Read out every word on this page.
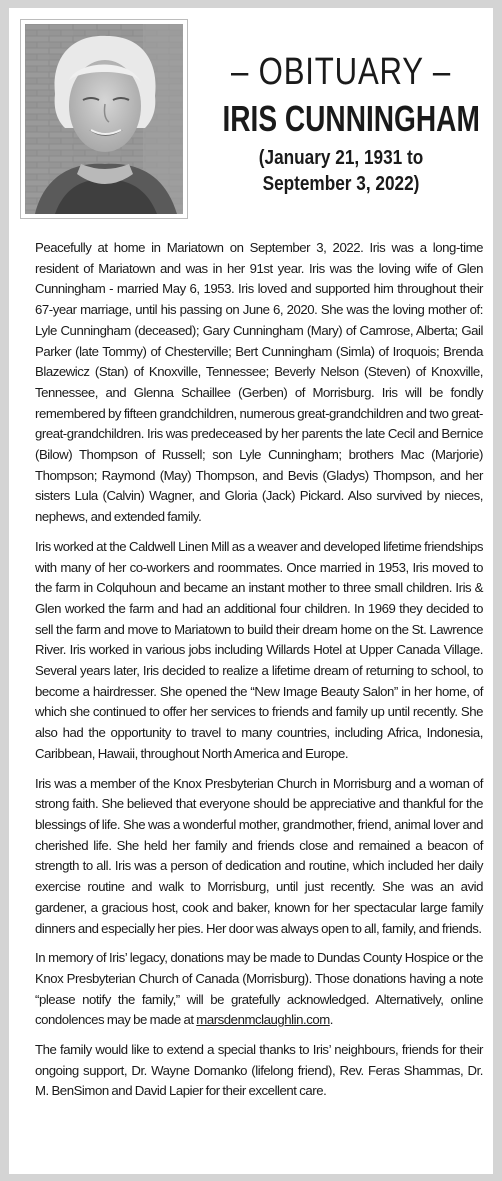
– OBITUARY –
IRIS CUNNINGHAM
(January 21, 1931 to
September 3, 2022)

Peacefully at home in Mariatown on September 3, 2022. Iris was a long-time resident of Mariatown and was in her 91st year. Iris was the loving wife of Glen Cunningham - married May 6, 1953. Iris loved and supported him throughout their 67-year marriage, until his passing on June 6, 2020. She was the loving mother of: Lyle Cunningham (deceased); Gary Cunningham (Mary) of Camrose, Alberta; Gail Parker (late Tommy) of Chesterville; Bert Cunningham (Simla) of Iroquois; Brenda Blazewicz (Stan) of Knoxville, Tennessee; Beverly Nelson (Steven) of Knoxville, Tennessee, and Glenna Schaillee (Gerben) of Morrisburg. Iris will be fondly remembered by fifteen grandchildren, numerous great-grandchildren and two great-great-grandchildren. Iris was predeceased by her parents the late Cecil and Bernice (Bilow) Thompson of Russell; son Lyle Cunningham; brothers Mac (Marjorie) Thompson; Raymond (May) Thompson, and Bevis (Gladys) Thompson, and her sisters Lula (Calvin) Wagner, and Gloria (Jack) Pickard. Also survived by nieces, nephews, and extended family.

Iris worked at the Caldwell Linen Mill as a weaver and developed lifetime friendships with many of her co-workers and roommates. Once married in 1953, Iris moved to the farm in Colquhoun and became an instant mother to three small children. Iris & Glen worked the farm and had an additional four children. In 1969 they decided to sell the farm and move to Mariatown to build their dream home on the St. Lawrence River. Iris worked in various jobs including Willards Hotel at Upper Canada Village. Several years later, Iris decided to realize a lifetime dream of returning to school, to become a hairdresser. She opened the “New Image Beauty Salon” in her home, of which she continued to offer her services to friends and family up until recently. She also had the opportunity to travel to many countries, including Africa, Indonesia, Caribbean, Hawaii, throughout North America and Europe.

Iris was a member of the Knox Presbyterian Church in Morrisburg and a woman of strong faith. She believed that everyone should be appreciative and thankful for the blessings of life. She was a wonderful mother, grandmother, friend, animal lover and cherished life. She held her family and friends close and remained a beacon of strength to all. Iris was a person of dedication and routine, which included her daily exercise routine and walk to Morrisburg, until just recently. She was an avid gardener, a gracious host, cook and baker, known for her spectacular large family dinners and especially her pies. Her door was always open to all, family, and friends.

In memory of Iris’ legacy, donations may be made to Dundas County Hospice or the Knox Presbyterian Church of Canada (Morrisburg). Those donations having a note “please notify the family,” will be gratefully acknowledged. Alternatively, online condolences may be made at marsdenmclaughlin.com.

The family would like to extend a special thanks to Iris’ neighbours, friends for their ongoing support, Dr. Wayne Domanko (lifelong friend), Rev. Feras Shammas, Dr. M. BenSimon and David Lapier for their excellent care.
